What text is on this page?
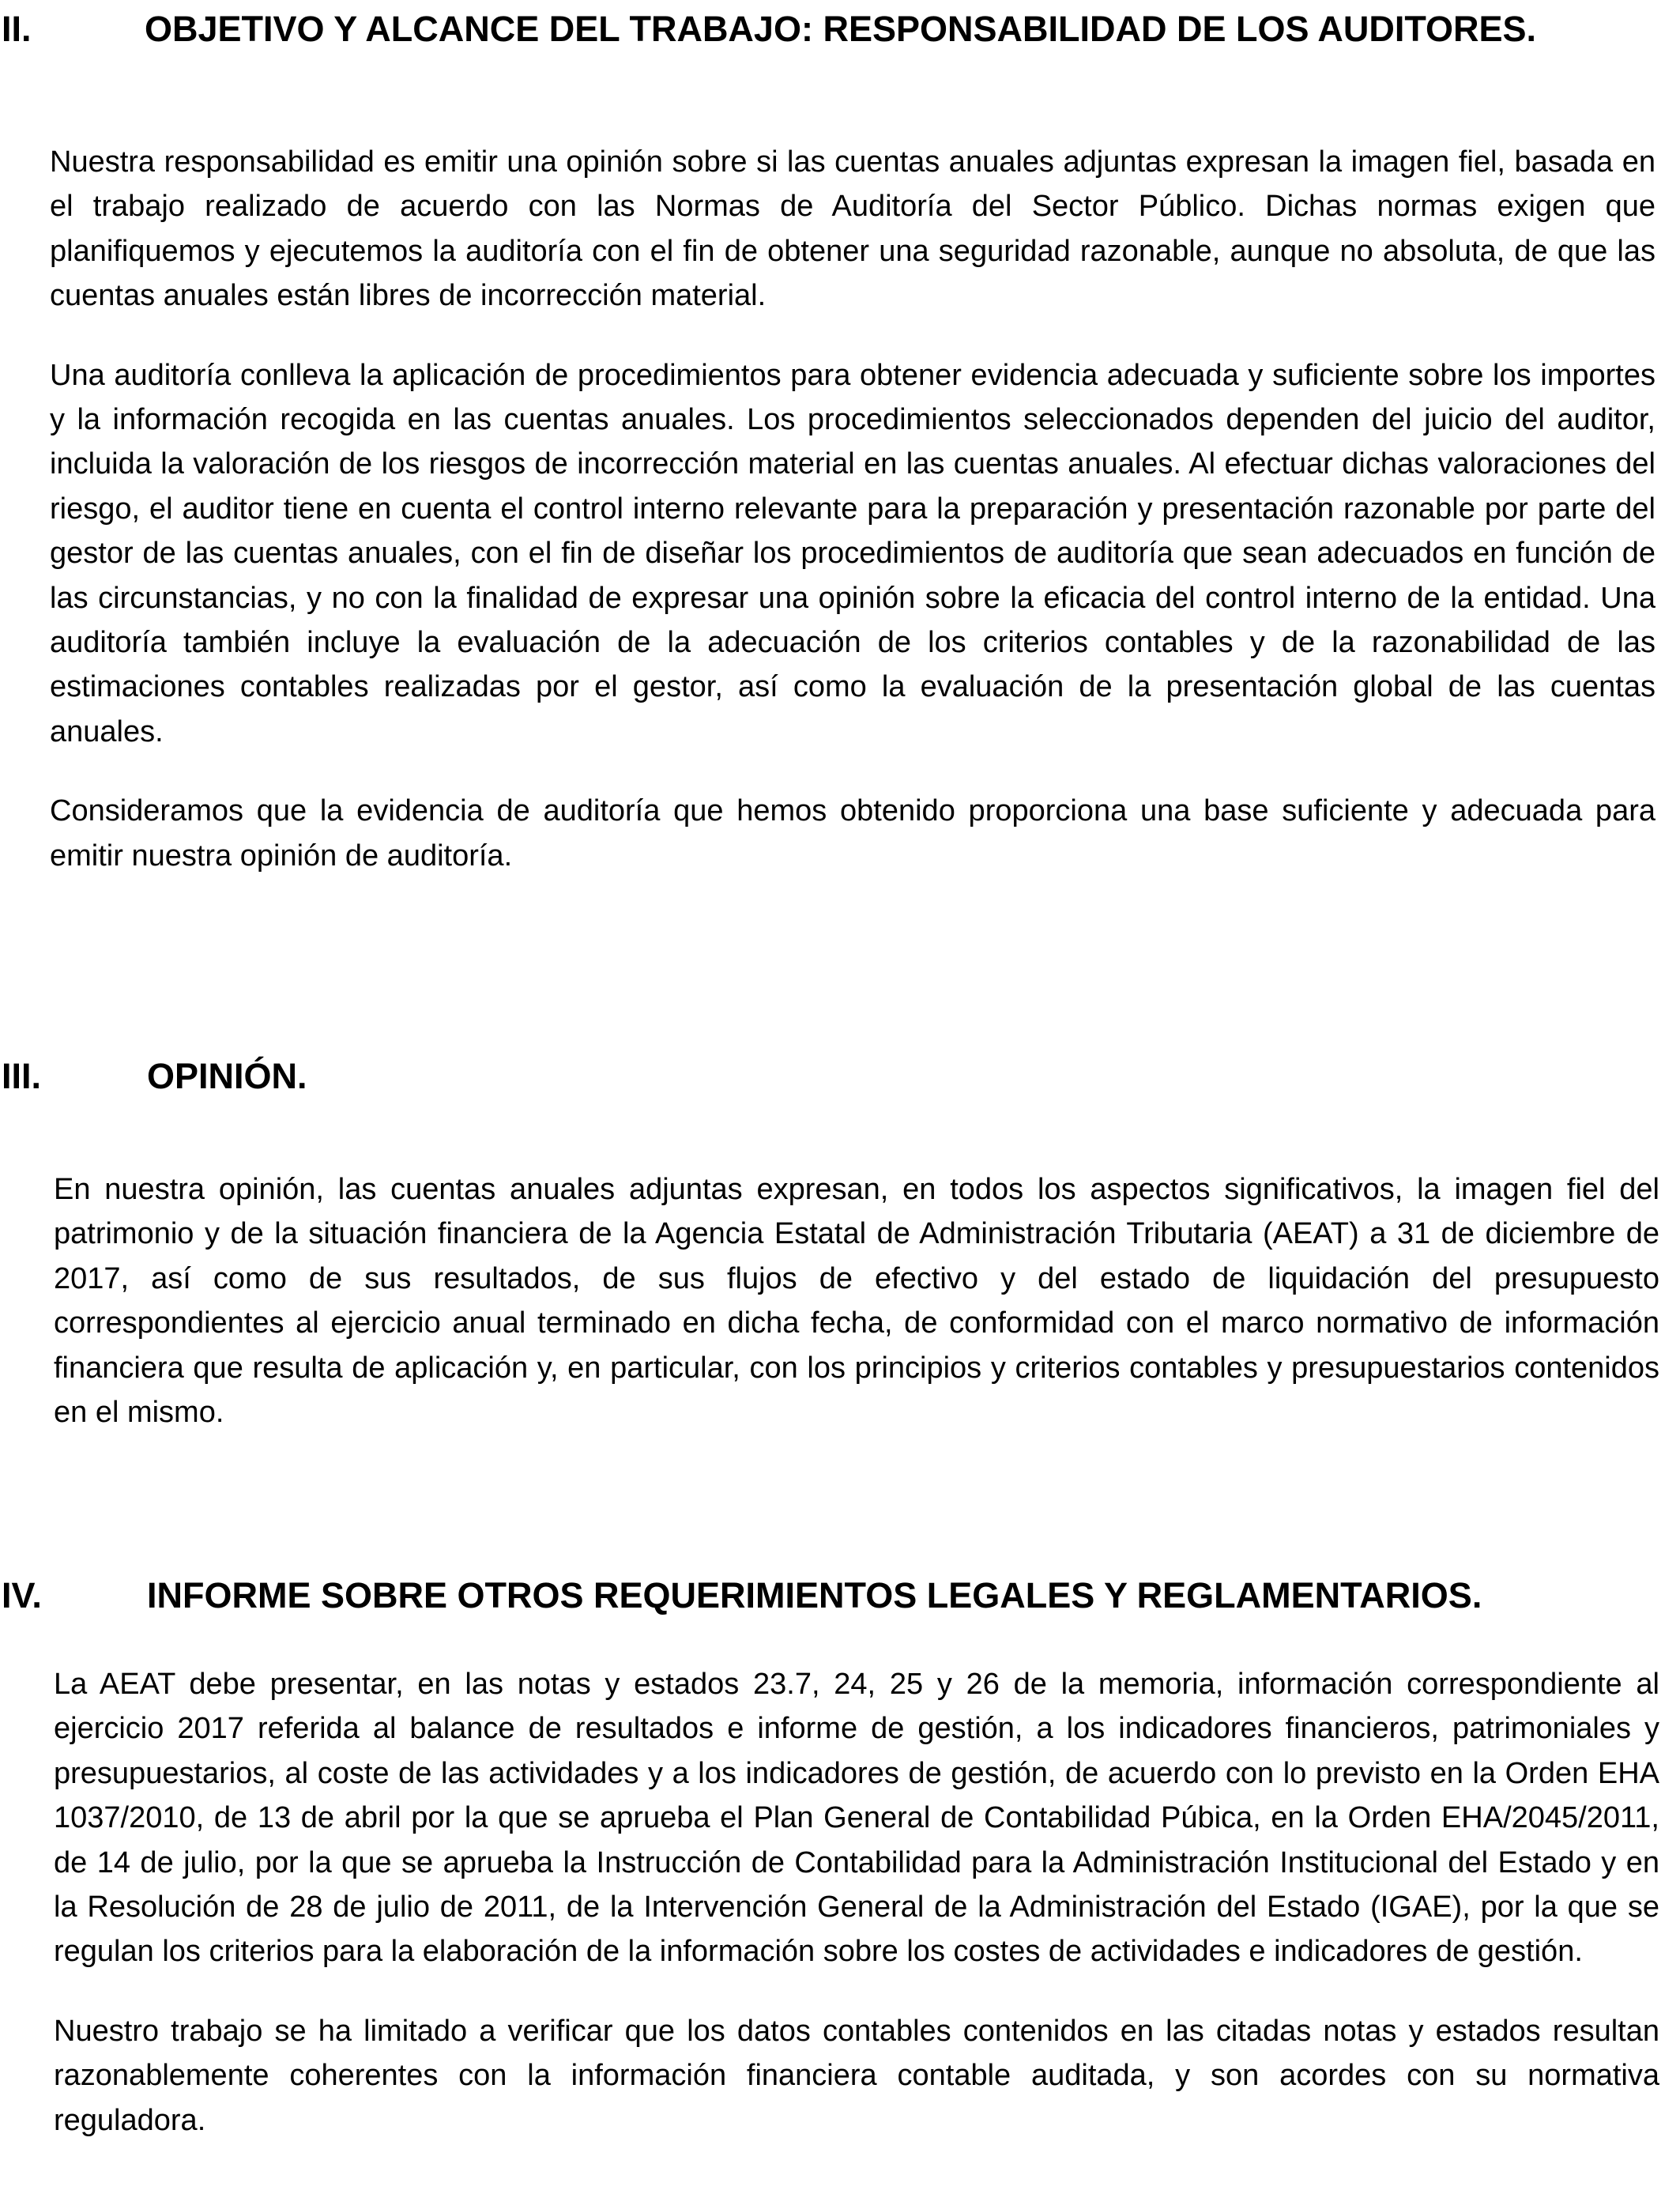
II.	OBJETIVO Y ALCANCE DEL TRABAJO: RESPONSABILIDAD DE LOS AUDITORES.

Nuestra responsabilidad es emitir una opinión sobre si las cuentas anuales adjuntas expresan la imagen fiel, basada en el trabajo realizado de acuerdo con las Normas de Auditoría del Sector Público. Dichas normas exigen que planifiquemos y ejecutemos la auditoría con el fin de obtener una seguridad razonable, aunque no absoluta, de que las cuentas anuales están libres de incorrección material.

Una auditoría conlleva la aplicación de procedimientos para obtener evidencia adecuada y suficiente sobre los importes y la información recogida en las cuentas anuales. Los procedimientos seleccionados dependen del juicio del auditor, incluida la valoración de los riesgos de incorrección material en las cuentas anuales. Al efectuar dichas valoraciones del riesgo, el auditor tiene en cuenta el control interno relevante para la preparación y presentación razonable por parte del gestor de las cuentas anuales, con el fin de diseñar los procedimientos de auditoría que sean adecuados en función de las circunstancias, y no con la finalidad de expresar una opinión sobre la eficacia del control interno de la entidad. Una auditoría también incluye la evaluación de la adecuación de los criterios contables y de la razonabilidad de las estimaciones contables realizadas por el gestor, así como la evaluación de la presentación global de las cuentas anuales.

Consideramos que la evidencia de auditoría que hemos obtenido proporciona una base suficiente y adecuada para emitir nuestra opinión de auditoría.

III.	OPINIÓN.

En nuestra opinión, las cuentas anuales adjuntas expresan, en todos los aspectos significativos, la imagen fiel del patrimonio y de la situación financiera de la Agencia Estatal de Administración Tributaria (AEAT) a 31 de diciembre de 2017, así como de sus resultados, de sus flujos de efectivo y del estado de liquidación del presupuesto correspondientes al ejercicio anual terminado en dicha fecha, de conformidad con el marco normativo de información financiera que resulta de aplicación y, en particular, con los principios y criterios contables y presupuestarios contenidos en el mismo.

IV.	INFORME SOBRE OTROS REQUERIMIENTOS LEGALES Y REGLAMENTARIOS.

La AEAT debe presentar, en las notas y estados 23.7, 24, 25 y 26 de la memoria, información correspondiente al ejercicio 2017 referida al balance de resultados e informe de gestión, a los indicadores financieros, patrimoniales y presupuestarios, al coste de las actividades y a los indicadores de gestión, de acuerdo con lo previsto en la Orden EHA 1037/2010, de 13 de abril por la que se aprueba el Plan General de Contabilidad Púbica, en la Orden EHA/2045/2011, de 14 de julio, por la que se aprueba la Instrucción de Contabilidad para la Administración Institucional del Estado y en la Resolución de 28 de julio de 2011, de la Intervención General de la Administración del Estado (IGAE), por la que se regulan los criterios para la elaboración de la información sobre los costes de actividades e indicadores de gestión.

Nuestro trabajo se ha limitado a verificar que los datos contables contenidos en las citadas notas y estados resultan razonablemente coherentes con la información financiera contable auditada, y son acordes con su normativa reguladora.
